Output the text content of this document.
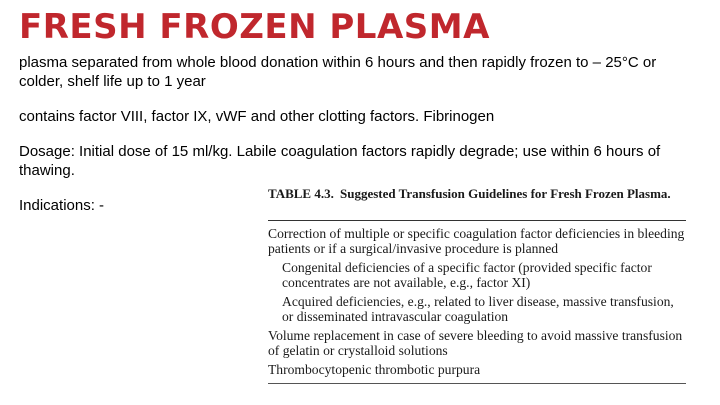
FRESH FROZEN PLASMA
plasma separated from whole blood donation within 6 hours and then rapidly frozen to – 25°C or colder, shelf life up to 1 year
contains factor VIII, factor IX, vWF and other clotting factors. Fibrinogen
Dosage: Initial dose of 15 ml/kg. Labile coagulation factors rapidly degrade; use within 6 hours of thawing.
Indications: -
TABLE 4.3. Suggested Transfusion Guidelines for Fresh Frozen Plasma.
Correction of multiple or specific coagulation factor deficiencies in bleeding patients or if a surgical/invasive procedure is planned
Congenital deficiencies of a specific factor (provided specific factor concentrates are not available, e.g., factor XI)
Acquired deficiencies, e.g., related to liver disease, massive transfusion, or disseminated intravascular coagulation
Volume replacement in case of severe bleeding to avoid massive transfusion of gelatin or crystalloid solutions
Thrombocytopenic thrombotic purpura
